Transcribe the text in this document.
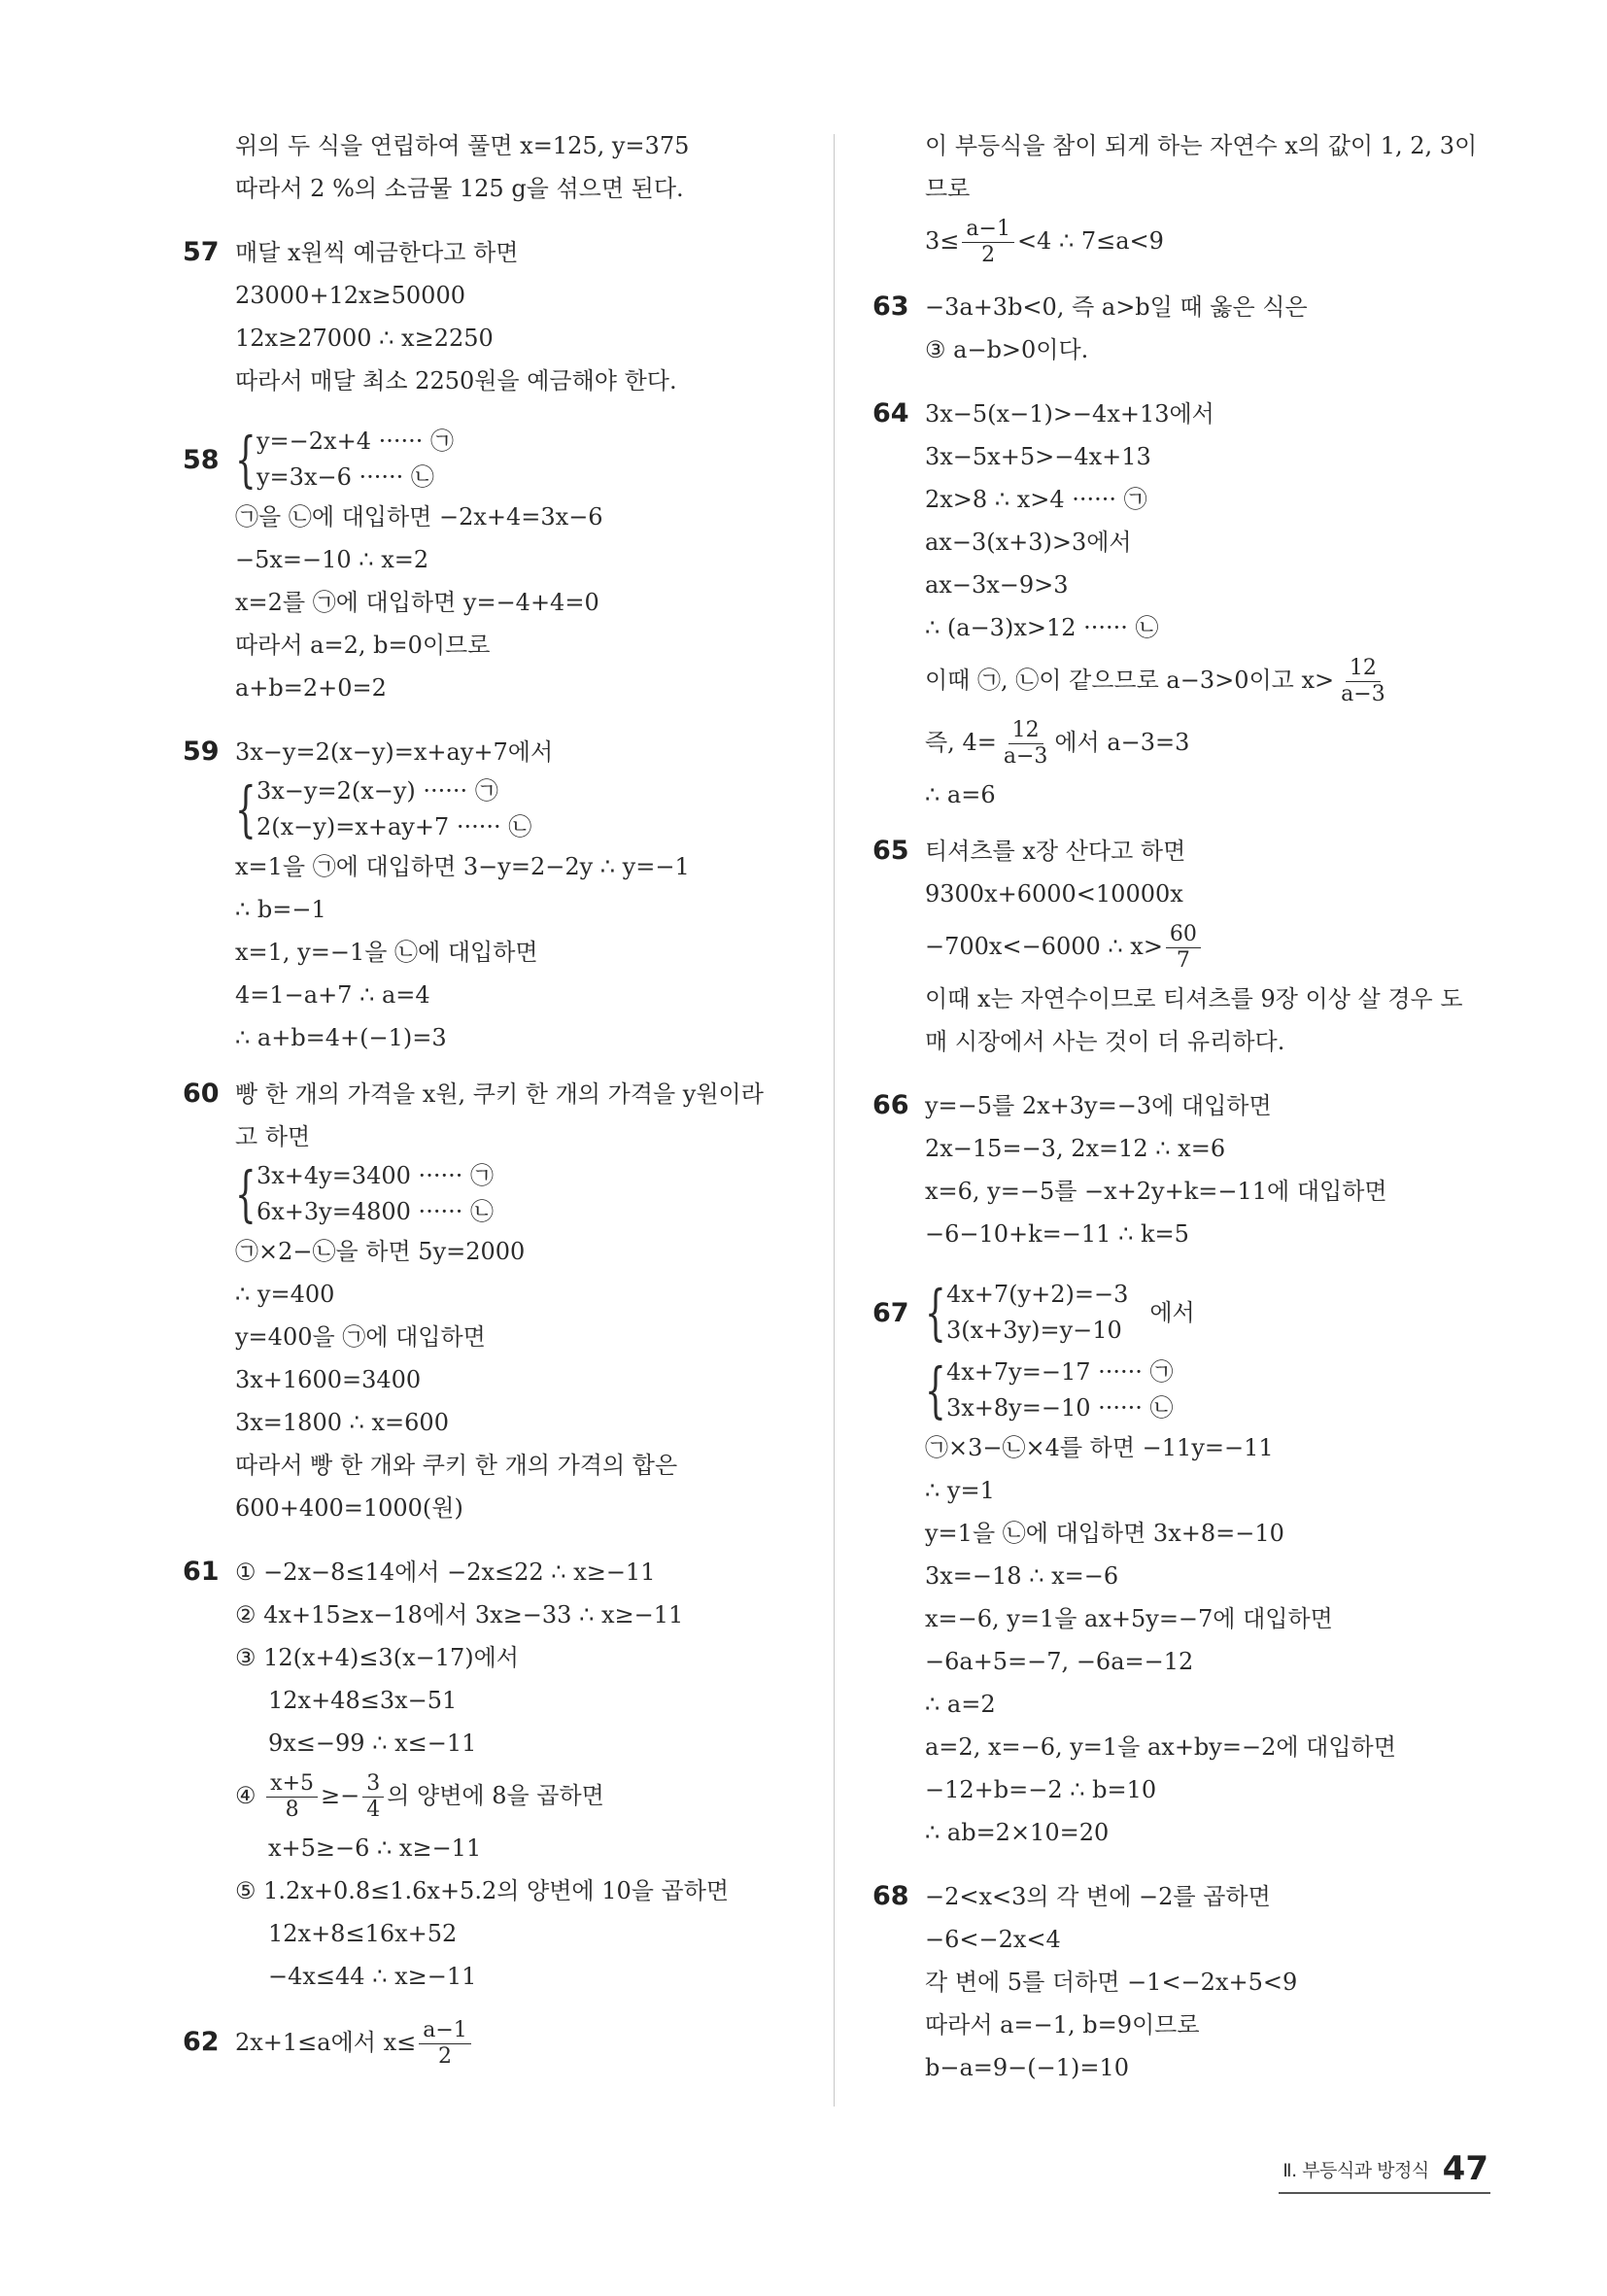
위의 두 식을 연립하여 풀면 x=125, y=375
따라서 2 %의 소금물 125 g을 섞으면 된다.
57 매달 x원씩 예금한다고 하면
23000+12x≥50000
12x≥27000 ∴ x≥2250
따라서 매달 최소 2250원을 예금해야 한다.
58 { y=−2x+4 ······ ㉠
y=3x−6 ······ ㉡
㉠을 ㉡에 대입하면 −2x+4=3x−6
−5x=−10 ∴ x=2
x=2를 ㉠에 대입하면 y=−4+4=0
따라서 a=2, b=0이므로
a+b=2+0=2
59 3x−y=2(x−y)=x+ay+7에서
{ 3x−y=2(x−y) ······ ㉠
2(x−y)=x+ay+7 ······ ㉡
x=1을 ㉠에 대입하면 3−y=2−2y ∴ y=−1
∴ b=−1
x=1, y=−1을 ㉡에 대입하면
4=1−a+7 ∴ a=4
∴ a+b=4+(−1)=3
60 빵 한 개의 가격을 x원, 쿠키 한 개의 가격을 y원이라
고 하면
{ 3x+4y=3400 ······ ㉠
6x+3y=4800 ······ ㉡
㉠×2−㉡을 하면 5y=2000
∴ y=400
y=400을 ㉠에 대입하면
3x+1600=3400
3x=1800 ∴ x=600
따라서 빵 한 개와 쿠키 한 개의 가격의 합은
600+400=1000(원)
61 ① −2x−8≤14에서 −2x≤22 ∴ x≥−11
② 4x+15≥x−18에서 3x≥−33 ∴ x≥−11
③ 12(x+4)≤3(x−17)에서
12x+48≤3x−51
9x≤−99 ∴ x≤−11
④ $\frac{x+5}{8} \ge- \frac{3}{4}$ 의 양변에 8을 곱하면
x+5≥−6 ∴ x≥−11
⑤ 1.2x+0.8≤1.6x+5.2의 양변에 10을 곱하면
12x+8≤16x+52
−4x≤44 ∴ x≥−11
62 2x+1≤a에서 $x\le \frac{a-1}{2}$
이 부등식을 참이 되게 하는 자연수 x의 값이 1, 2, 3이
므로
$3\le \frac{a-1}{2} <4$ ∴ 7≤a<9
63 −3a+3b<0, 즉 a>b일 때 옳은 식은
③ a−b>0이다.
64 3x−5(x−1)>−4x+13에서
3x−5x+5>−4x+13
2x>8 ∴ x>4 ······ ㉠
ax−3(x+3)>3에서
ax−3x−9>3
∴ (a−3)x>12 ······ ㉡
이때 ㉠, ㉡이 같으므로 a−3>0이고 $x> \frac{12}{a-3}$
즉, $4= \frac{12}{a-3}$ 에서 a−3=3
∴ a=6
65 티셔츠를 x장 산다고 하면
9300x+6000<10000x
−700x<−6000 ∴ $x> \frac{60}{7}$
이때 x는 자연수이므로 티셔츠를 9장 이상 살 경우 도
매 시장에서 사는 것이 더 유리하다.
66 y=−5를 2x+3y=−3에 대입하면
2x−15=−3, 2x=12 ∴ x=6
x=6, y=−5를 −x+2y+k=−11에 대입하면
−6−10+k=−11 ∴ k=5
67 { 4x+7(y+2)=−3
3(x+3y)=y−10
에서
{ 4x+7y=−17 ······ ㉠
3x+8y=−10 ······ ㉡
㉠×3−㉡×4를 하면 −11y=−11
∴ y=1
y=1을 ㉡에 대입하면 3x+8=−10
3x=−18 ∴ x=−6
x=−6, y=1을 ax+5y=−7에 대입하면
−6a+5=−7, −6a=−12
∴ a=2
a=2, x=−6, y=1을 ax+by=−2에 대입하면
−12+b=−2 ∴ b=10
∴ ab=2×10=20
68 −2<x<3의 각 변에 −2를 곱하면
−6<−2x<4
각 변에 5를 더하면 −1<−2x+5<9
따라서 a=−1, b=9이므로
b−a=9−(−1)=10
Ⅱ. 부등식과 방정식 47
